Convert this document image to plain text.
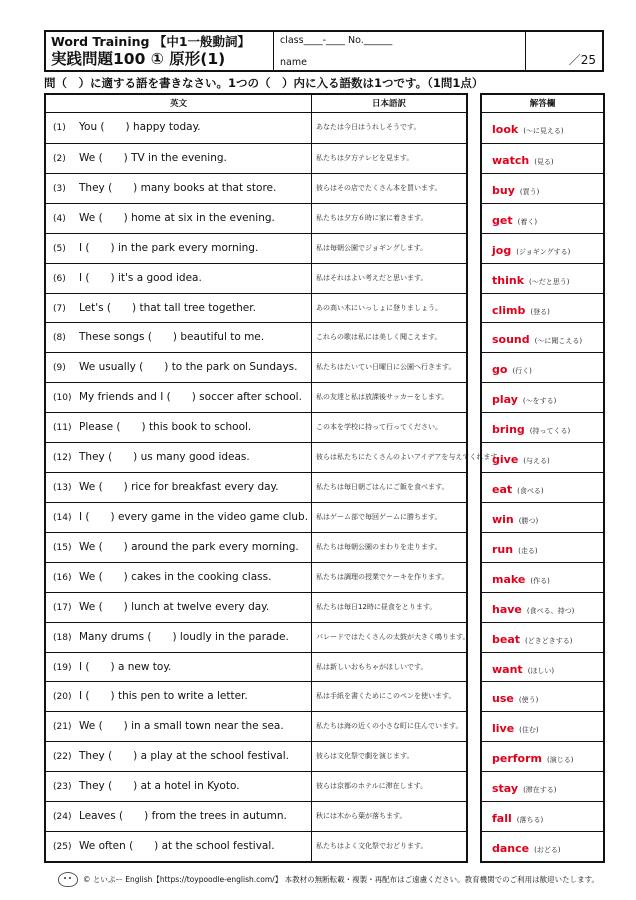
Word Training 【中1一般動詞】
実践問題100 ① 原形(1)
class____-____ No.______
name	／25
問（　）に適する語を書きなさい。1つの（　）内に入る語数は1つです。（1問1点）
英文	日本語訳
(1) You (　　) happy today.	あなたは今日はうれしそうです。
(2) We (　　) TV in the evening.	私たちは夕方テレビを見ます。
(3) They (　　) many books at that store.	彼らはその店でたくさん本を買います。
(4) We (　　) home at six in the evening.	私たちは夕方６時に家に着きます。
(5) I (　　) in the park every morning.	私は毎朝公園でジョギングします。
(6) I (　　) it's a good idea.	私はそれはよい考えだと思います。
(7) Let's (　　) that tall tree together.	あの高い木にいっしょに登りましょう。
(8) These songs (　　) beautiful to me.	これらの歌は私には美しく聞こえます。
(9) We usually (　　) to the park on Sundays.	私たちはたいてい日曜日に公園へ行きます。
(10) My friends and I (　　) soccer after school. 私の友達と私は放課後サッカーをします。
(11) Please (　　) this book to school.	この本を学校に持って行ってください。
(12) They (　　) us many good ideas.	彼らは私たちにたくさんのよいアイデアを与えてくれます。
(13) We (　　) rice for breakfast every day.	私たちは毎日朝ごはんにご飯を食べます。
(14) I (　　) every game in the video game club. 私はゲーム部で毎回ゲームに勝ちます。
(15) We (　　) around the park every morning. 私たちは毎朝公園のまわりを走ります。
(16) We (　　) cakes in the cooking class.	私たちは調理の授業でケーキを作ります。
(17) We (　　) lunch at twelve every day.	私たちは毎日12時に昼食をとります。
(18) Many drums (　　) loudly in the parade.	パレードではたくさんの太鼓が大きく鳴ります。
(19) I (　　) a new toy.	私は新しいおもちゃがほしいです。
(20) I (　　) this pen to write a letter.	私は手紙を書くためにこのペンを使います。
(21) We (　　) in a small town near the sea.	私たちは海の近くの小さな町に住んでいます。
(22) They (　　) a play at the school festival.	彼らは文化祭で劇を演じます。
(23) They (　　) at a hotel in Kyoto.	彼らは京都のホテルに滞在します。
(24) Leaves (　　) from the trees in autumn.	秋には木から葉が落ちます。
(25) We often (　　) at the school festival.	私たちはよく文化祭でおどります。
解答欄
look (〜に見える)
watch (見る)
buy (買う)
get (着く)
jog (ジョギングする)
think (〜だと思う)
climb (登る)
sound (〜に聞こえる)
go (行く)
play (〜をする)
bring (持ってくる)
give (与える)
eat (食べる)
win (勝つ)
run (走る)
make (作る)
have (食べる、持つ)
beat (どきどきする)
want (ほしい)
use (使う)
live (住む)
perform (演じる)
stay (滞在する)
fall (落ちる)
dance (おどる)
© といぷー English【https://toypoodle-english.com/】 本教材の無断転載・複製・再配布はご遠慮ください。教育機関でのご利用は歓迎いたします。
